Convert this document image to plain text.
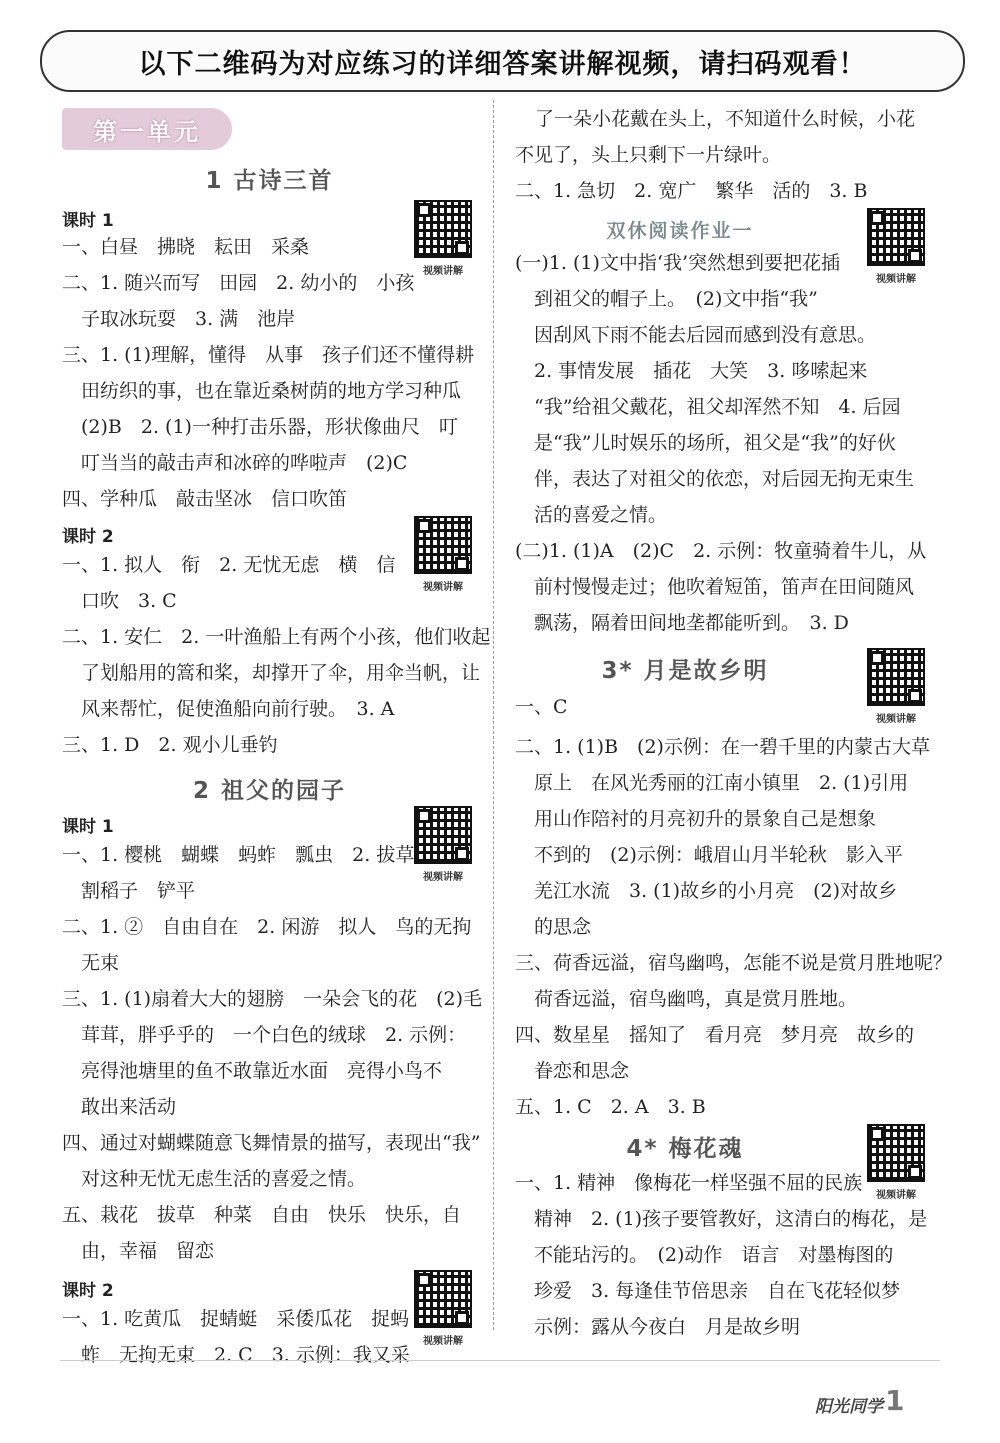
以下二维码为对应练习的详细答案讲解视频，请扫码观看！
第一单元
1 古诗三首
课时 1
视频讲解
一、白昼　拂晓　耘田　采桑
二、1. 随兴而写　田园　2. 幼小的　小孩
　子取冰玩耍　3. 满　池岸
三、1. (1)理解，懂得　从事　孩子们还不懂得耕
　田纺织的事，也在靠近桑树荫的地方学习种瓜
　(2)B　2. (1)一种打击乐器，形状像曲尺　叮
　叮当当的敲击声和冰碎的哗啦声　(2)C
四、学种瓜　敲击坚冰　信口吹笛
课时 2
视频讲解
一、1. 拟人　衔　2. 无忧无虑　横　信
　口吹　3. C
二、1. 安仁　2. 一叶渔船上有两个小孩，他们收起
　了划船用的篙和桨，却撑开了伞，用伞当帆，让
　风来帮忙，促使渔船向前行驶。　3. A
三、1. D　2. 观小儿垂钓
2 祖父的园子
课时 1
视频讲解
一、1. 樱桃　蝴蝶　蚂蚱　瓢虫　2. 拔草
　割稻子　铲平
二、1. ②　自由自在　2. 闲游　拟人　鸟的无拘
　无束
三、1. (1)扇着大大的翅膀　一朵会飞的花　(2)毛
　茸茸，胖乎乎的　一个白色的绒球　2. 示例：
　亮得池塘里的鱼不敢靠近水面　亮得小鸟不
　敢出来活动
四、通过对蝴蝶随意飞舞情景的描写，表现出“我”
　对这种无忧无虑生活的喜爱之情。
五、栽花　拔草　种菜　自由　快乐　快乐，自
　由，幸福　留恋
课时 2
视频讲解
一、1. 吃黄瓜　捉蜻蜓　采倭瓜花　捉蚂
　蚱　无拘无束　2. C　3. 示例：我又采
了一朵小花戴在头上，不知道什么时候，小花
不见了，头上只剩下一片绿叶。
二、1. 急切　2. 宽广　繁华　活的　3. B
双休阅读作业一
视频讲解
(一)1. (1)文中指‘我’突然想到要把花插
　到祖父的帽子上。　(2)文中指“我”
　因刮风下雨不能去后园而感到没有意思。
　2. 事情发展　插花　大笑　3. 哆嗦起来
　“我”给祖父戴花，祖父却浑然不知　4. 后园
　是“我”儿时娱乐的场所，祖父是“我”的好伙
　伴，表达了对祖父的依恋，对后园无拘无束生
　活的喜爱之情。
(二)1. (1)A　(2)C　2. 示例：牧童骑着牛儿，从
　前村慢慢走过；他吹着短笛，笛声在田间随风
　飘荡，隔着田间地垄都能听到。　3. D
3* 月是故乡明
视频讲解
一、C
二、1. (1)B　(2)示例：在一碧千里的内蒙古大草
　原上　在风光秀丽的江南小镇里　2. (1)引用
　用山作陪衬的月亮初升的景象自己是想象
　不到的　(2)示例：峨眉山月半轮秋　影入平
　羌江水流　3. (1)故乡的小月亮　(2)对故乡
　的思念
三、荷香远溢，宿鸟幽鸣，怎能不说是赏月胜地呢？
　荷香远溢，宿鸟幽鸣，真是赏月胜地。
四、数星星　摇知了　看月亮　梦月亮　故乡的
　眷恋和思念
五、1. C　2. A　3. B
4* 梅花魂
视频讲解
一、1. 精神　像梅花一样坚强不屈的民族
　精神　2. (1)孩子要管教好，这清白的梅花，是
　不能玷污的。　(2)动作　语言　对墨梅图的
　珍爱　3. 每逢佳节倍思亲　自在飞花轻似梦
　示例：露从今夜白　月是故乡明
阳光同学 1
